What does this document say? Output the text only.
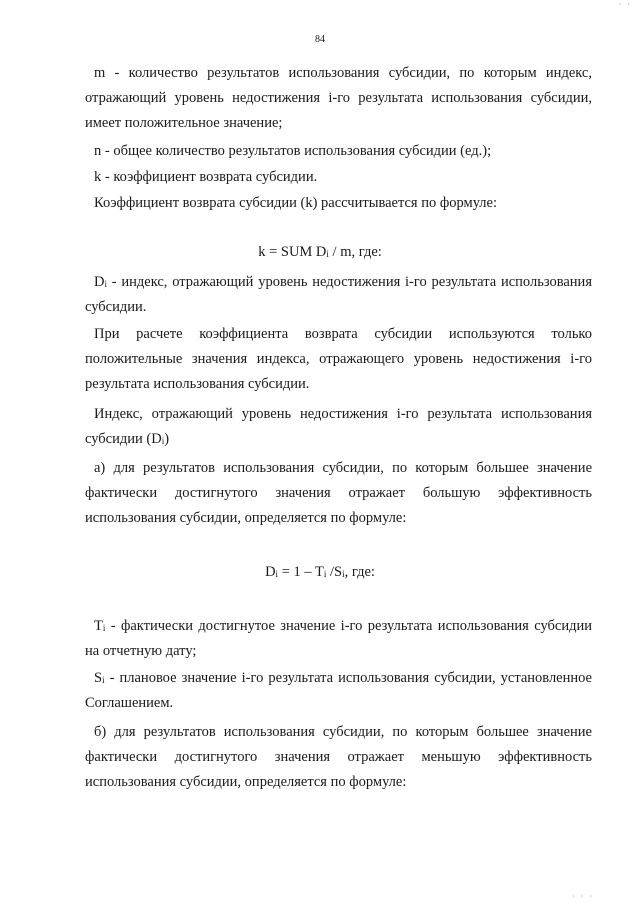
· ·
84

m - количество результатов использования субсидии, по которым индекс, отражающий уровень недостижения i-го результата использования субсидии, имеет положительное значение;

n - общее количество результатов использования субсидии (ед.);

k - коэффициент возврата субсидии.

Коэффициент возврата субсидии (k) рассчитывается по формуле:

k = SUM $D_i$ / m, где:

$D_i$ - индекс, отражающий уровень недостижения i-го результата использования субсидии.

При расчете коэффициента возврата субсидии используются только положительные значения индекса, отражающего уровень недостижения i-го результата использования субсидии.

Индекс, отражающий уровень недостижения i-го результата использования субсидии $(D_i)$

а) для результатов использования субсидии, по которым большее значение фактически достигнутого значения отражает большую эффективность использования субсидии, определяется по формуле:

$D_i = 1 - T_i$ $/S_i$, где:

$T_i$ - фактически достигнутое значение i-го результата использования субсидии на отчетную дату;

$S_i$ - плановое значение i-го результата использования субсидии, установленное Соглашением.

б) для результатов использования субсидии, по которым большее значение фактически достигнутого значения отражает меньшую эффективность использования субсидии, определяется по формуле:

· · ·
